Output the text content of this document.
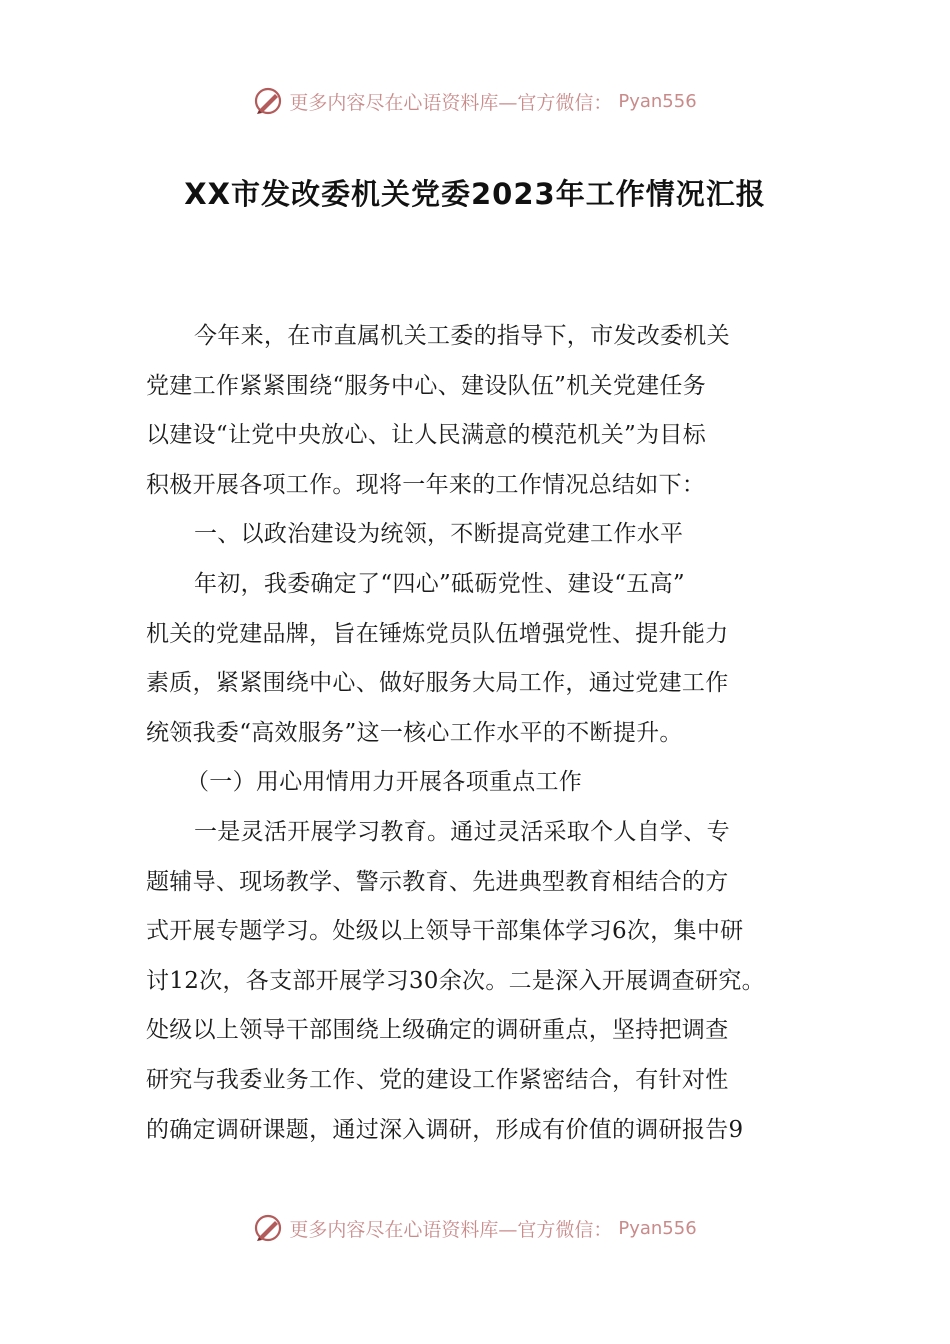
更多内容尽在心语资料库—官方微信： Pyan556
XX市发改委机关党委2023年工作情况汇报
今年来，在市直属机关工委的指导下，市发改委机关
党建工作紧紧围绕“服务中心、建设队伍”机关党建任务
以建设“让党中央放心、让人民满意的模范机关”为目标
积极开展各项工作。现将一年来的工作情况总结如下：
一、以政治建设为统领，不断提高党建工作水平
年初，我委确定了“四心”砥砺党性、建设“五高”
机关的党建品牌，旨在锤炼党员队伍增强党性、提升能力
素质，紧紧围绕中心、做好服务大局工作，通过党建工作
统领我委“高效服务”这一核心工作水平的不断提升。
（一）用心用情用力开展各项重点工作
一是灵活开展学习教育。通过灵活采取个人自学、专
题辅导、现场教学、警示教育、先进典型教育相结合的方
式开展专题学习。处级以上领导干部集体学习6次，集中研
讨12次，各支部开展学习30余次。二是深入开展调查研究。
处级以上领导干部围绕上级确定的调研重点，坚持把调查
研究与我委业务工作、党的建设工作紧密结合，有针对性
的确定调研课题，通过深入调研，形成有价值的调研报告9
更多内容尽在心语资料库—官方微信： Pyan556
